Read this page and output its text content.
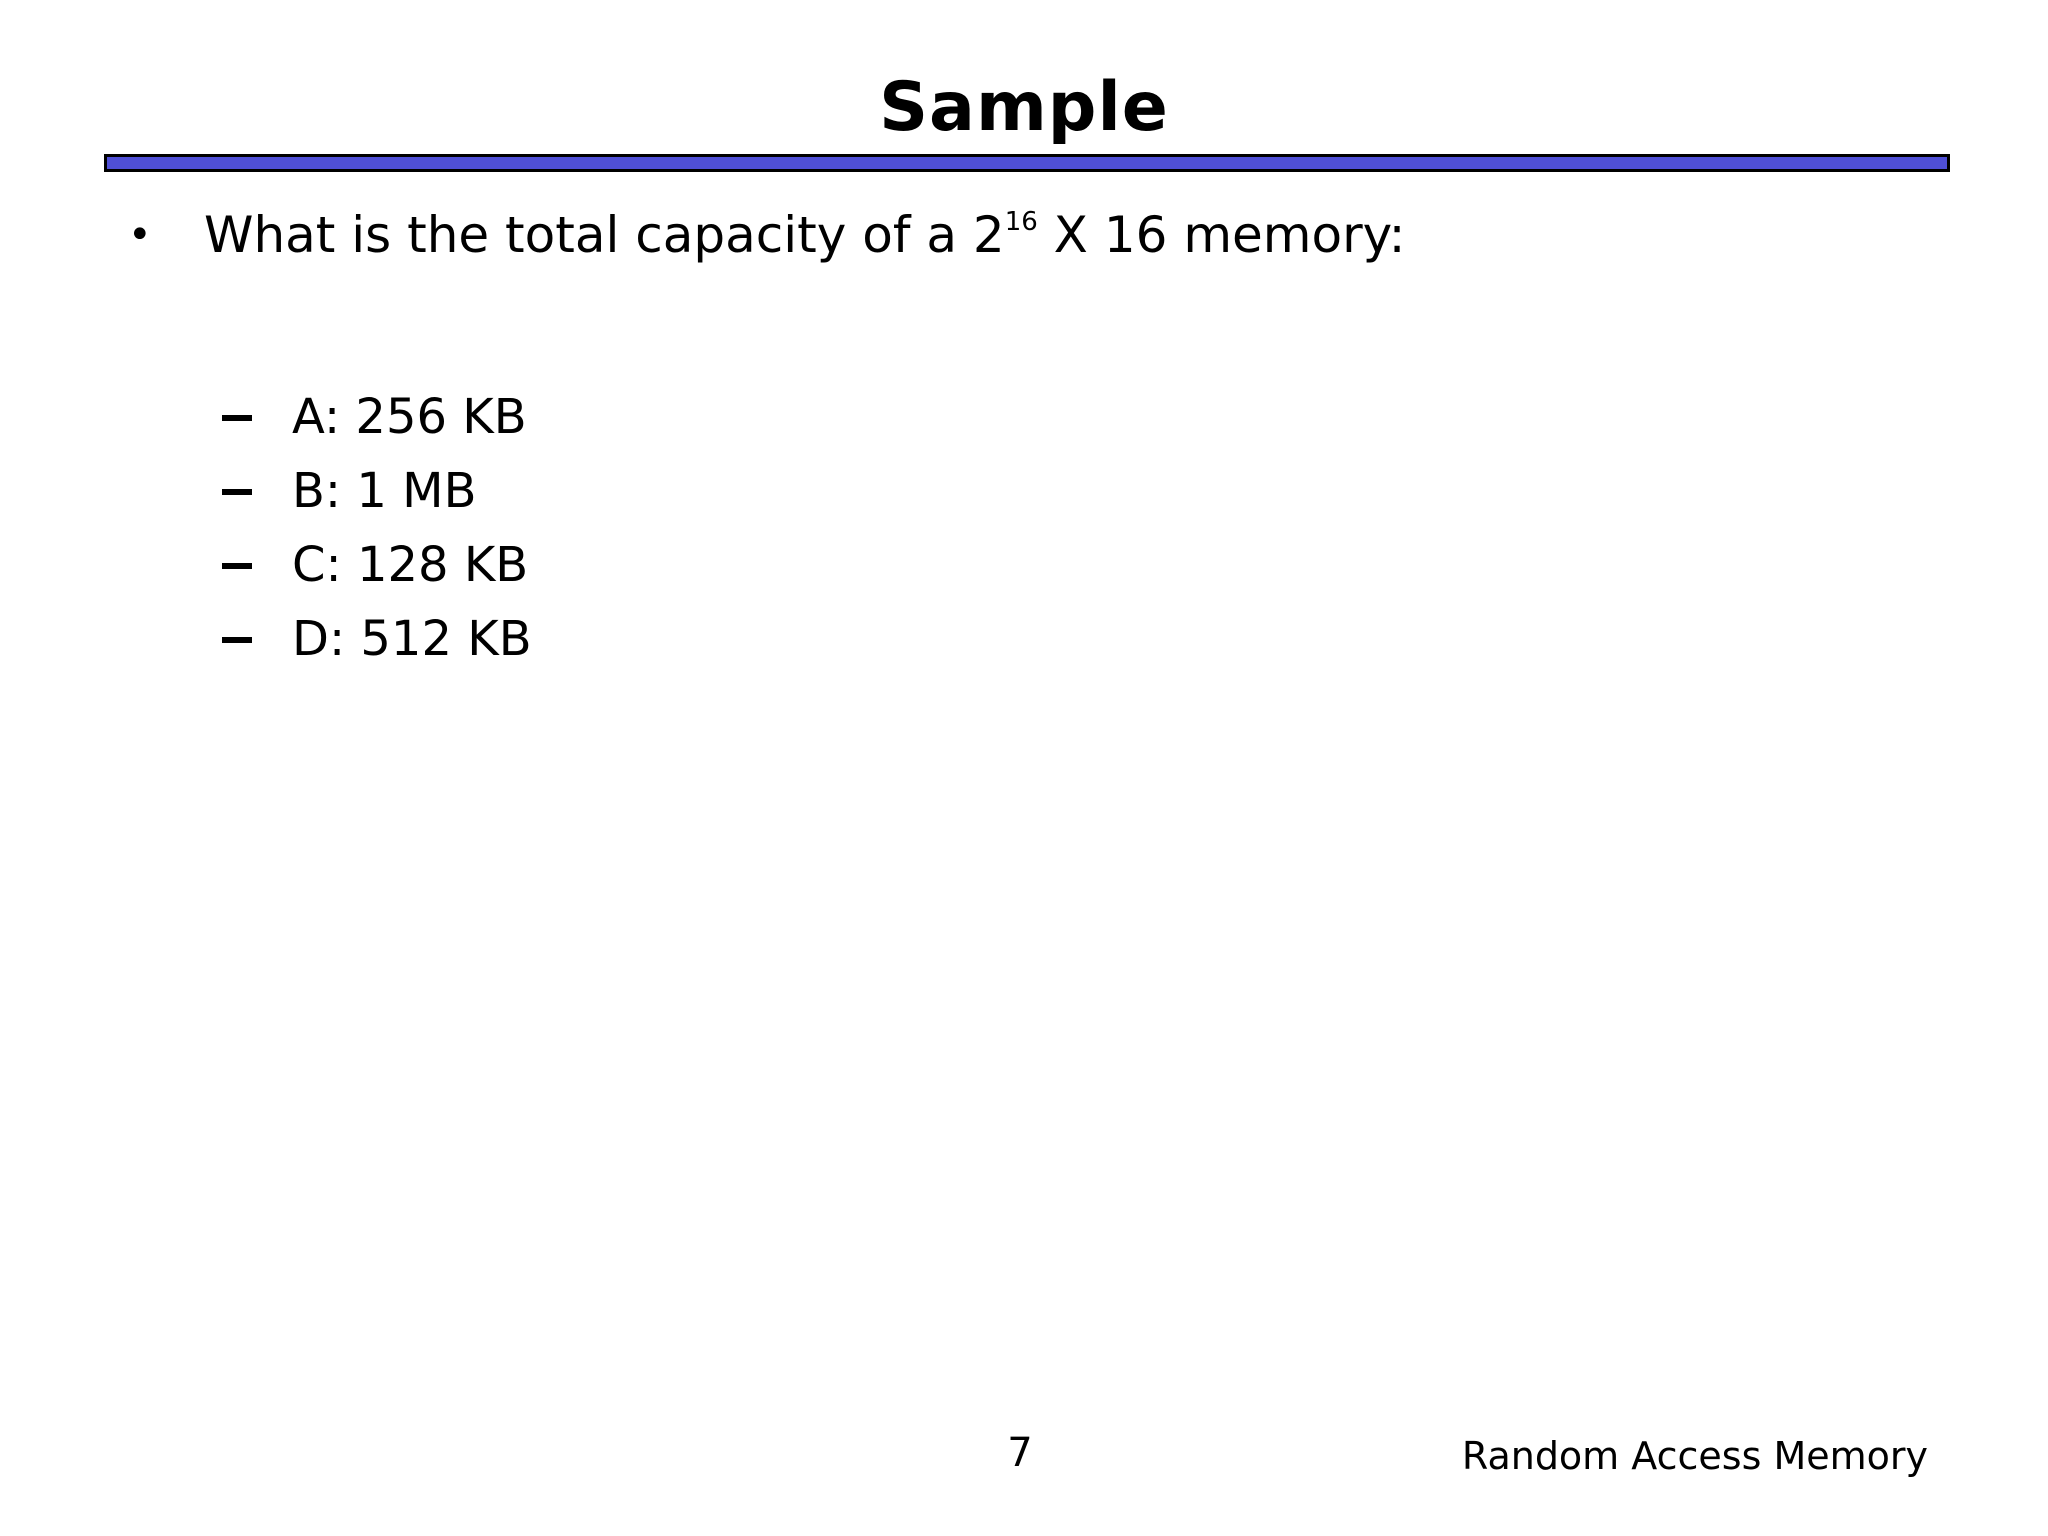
Sample
• What is the total capacity of a $2^{16}$ X 16 memory:
A: 256 KB
B: 1 MB
C: 128 KB
D: 512 KB
7	Random Access Memory
